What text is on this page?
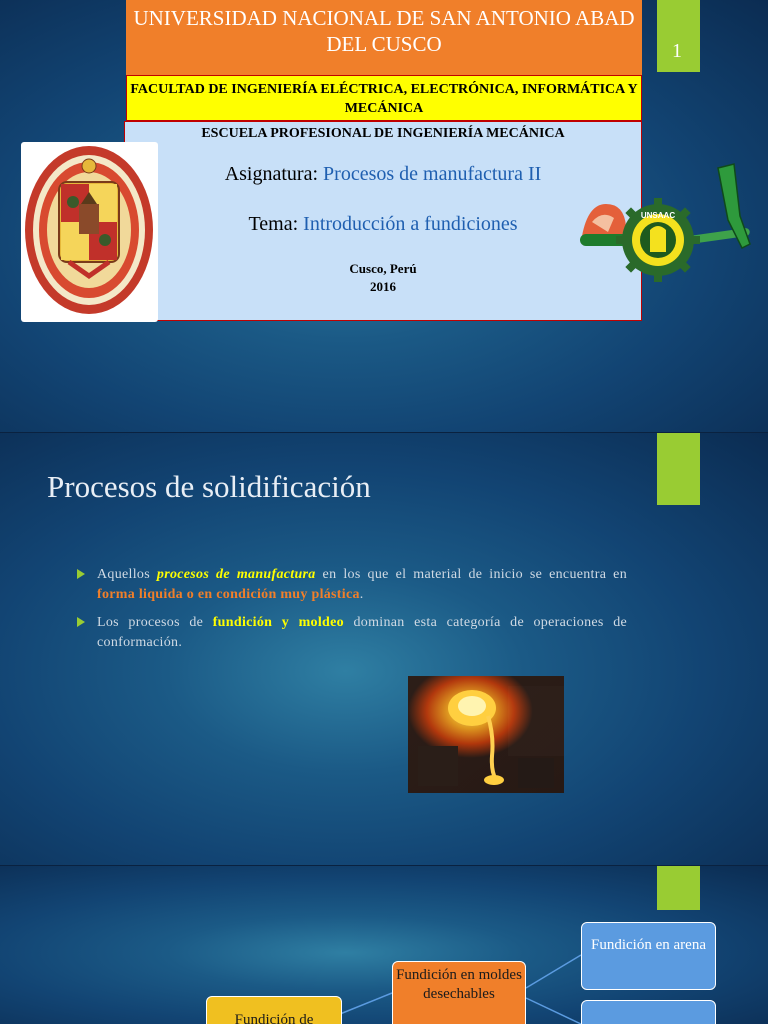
1
UNIVERSIDAD NACIONAL DE SAN ANTONIO ABAD DEL CUSCO
FACULTAD DE INGENIERÍA ELÉCTRICA, ELECTRÓNICA, INFORMÁTICA Y MECÁNICA
ESCUELA PROFESIONAL DE INGENIERÍA MECÁNICA
Asignatura: Procesos de manufactura II
Tema: Introducción a fundiciones
Cusco, Perú
2016
UNSAAC
Procesos de solidificación
Aquellos procesos de manufactura en los que el material de inicio se encuentra en forma liquida o en condición muy plástica.
Los procesos de fundición y moldeo dominan esta categoría de operaciones de conformación.
Fundición de
Fundición en moldes desechables
Fundición en arena
